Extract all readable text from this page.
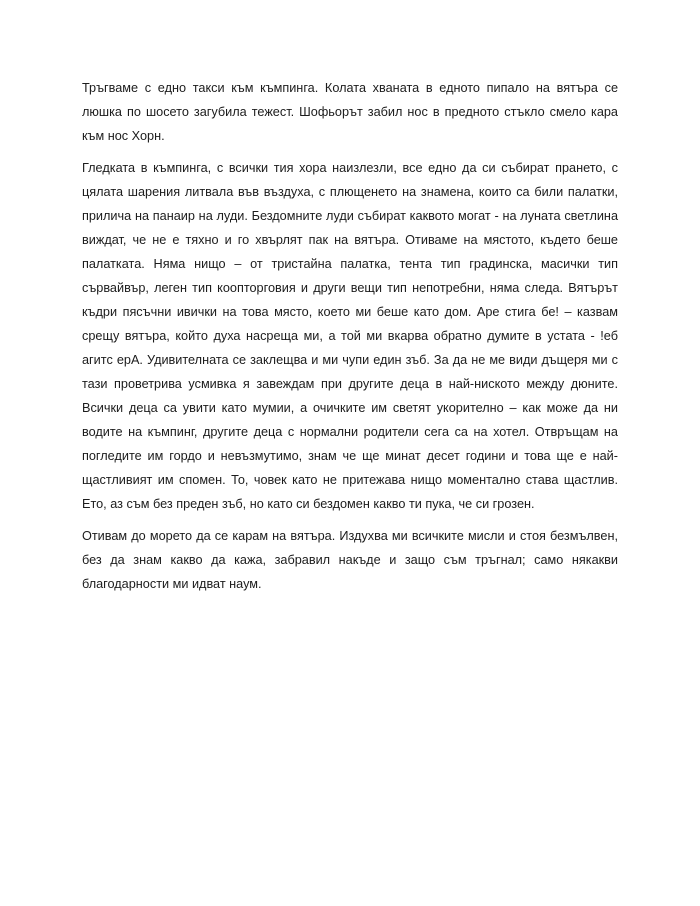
Тръгваме с едно такси към къмпинга. Колата хваната в едното пипало на вятъра се люшка по шосето загубила тежест. Шофьорът забил нос в предното стъкло смело кара към нос Хорн.

Гледката в къмпинга, с всички тия хора наизлезли, все едно да си събират прането, с цялата шарения литвала във въздуха, с плющенето на знамена, които са били палатки, прилича на панаир на луди. Бездомните луди събират каквото могат - на луната светлина виждат, че не е тяхно и го хвърлят пак на вятъра. Отиваме на мястото, където беше палатката. Няма нищо – от тристайна палатка, тента тип градинска, масички тип сървайвър, леген тип коопторговия и други вещи тип непотребни, няма следа. Вятърът къдри пясъчни ивички на това място, което ми беше като дом. Аре стига бе! – казвам срещу вятъра, който духа насреща ми, а той ми вкарва обратно думите в устата - !еб агитс ерА. Удивителната се заклещва и ми чупи един зъб. За да не ме види дъщеря ми с тази проветрива усмивка я завеждам при другите деца в най-ниското между дюните. Всички деца са увити като мумии, а очичките им светят укорително – как може да ни водите на къмпинг, другите деца с нормални родители сега са на хотел. Отвръщам на погледите им гордо и невъзмутимо, знам че ще минат десет години и това ще е най-щастливият им спомен. То, човек като не притежава нищо моментално става щастлив. Ето, аз съм без преден зъб, но като си бездомен какво ти пука, че си грозен.

Отивам до морето да се карам на вятъра. Издухва ми всичките мисли и стоя безмълвен, без да знам какво да кажа, забравил накъде и защо съм тръгнал; само някакви благодарности ми идват наум.
